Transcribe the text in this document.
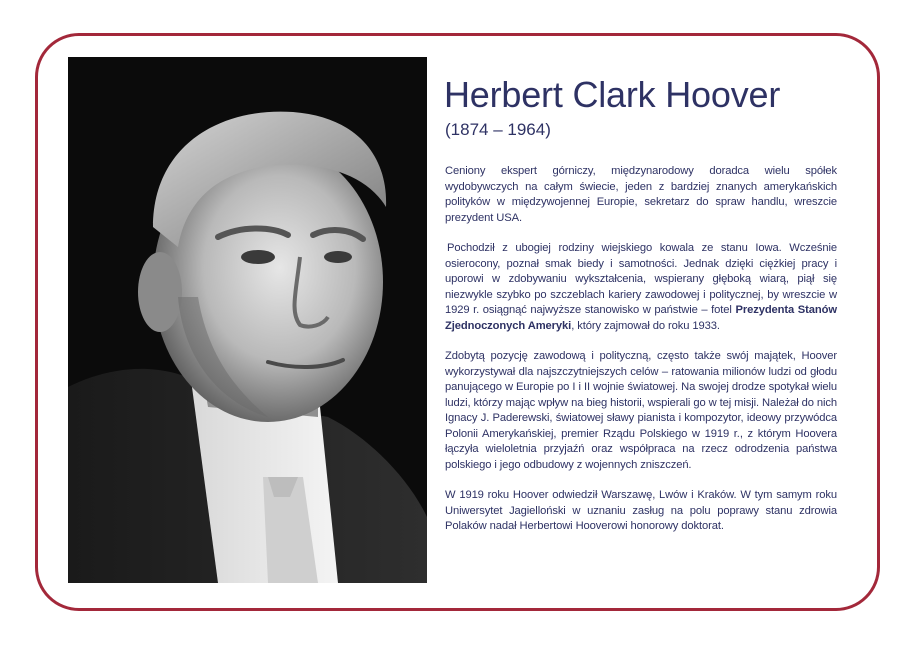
Herbert Clark Hoover

(1874 – 1964)

Ceniony ekspert górniczy, międzynarodowy doradca wielu spółek wydobywczych na całym świecie, jeden z bardziej znanych amerykańskich polityków w międzywojennej Europie, sekretarz do spraw handlu, wreszcie prezydent USA.

Pochodził z ubogiej rodziny wiejskiego kowala ze stanu Iowa. Wcześnie osierocony, poznał smak biedy i samotności. Jednak dzięki ciężkiej pracy i uporowi w zdobywaniu wykształcenia, wspierany głęboką wiarą, piął się niezwykle szybko po szczeblach kariery zawodowej i politycznej, by wreszcie w 1929 r. osiągnąć najwyższe stanowisko w państwie – fotel Prezydenta Stanów Zjednoczonych Ameryki, który zajmował do roku 1933.

Zdobytą pozycję zawodową i polityczną, często także swój majątek, Hoover wykorzystywał dla najszczytniejszych celów – ratowania milionów ludzi od głodu panującego w Europie po I i II wojnie światowej. Na swojej drodze spotykał wielu ludzi, którzy mając wpływ na bieg historii, wspierali go w tej misji. Należał do nich Ignacy J. Paderewski, światowej sławy pianista i kompozytor, ideowy przywódca Polonii Amerykańskiej, premier Rządu Polskiego w 1919 r., z którym Hoovera łączyła wieloletnia przyjaźń oraz współpraca na rzecz odrodzenia państwa polskiego i jego odbudowy z wojennych zniszczeń.

W 1919 roku Hoover odwiedził Warszawę, Lwów i Kraków. W tym samym roku Uniwersytet Jagielloński w uznaniu zasług na polu poprawy stanu zdrowia Polaków nadał Herbertowi Hooverowi honorowy doktorat.
